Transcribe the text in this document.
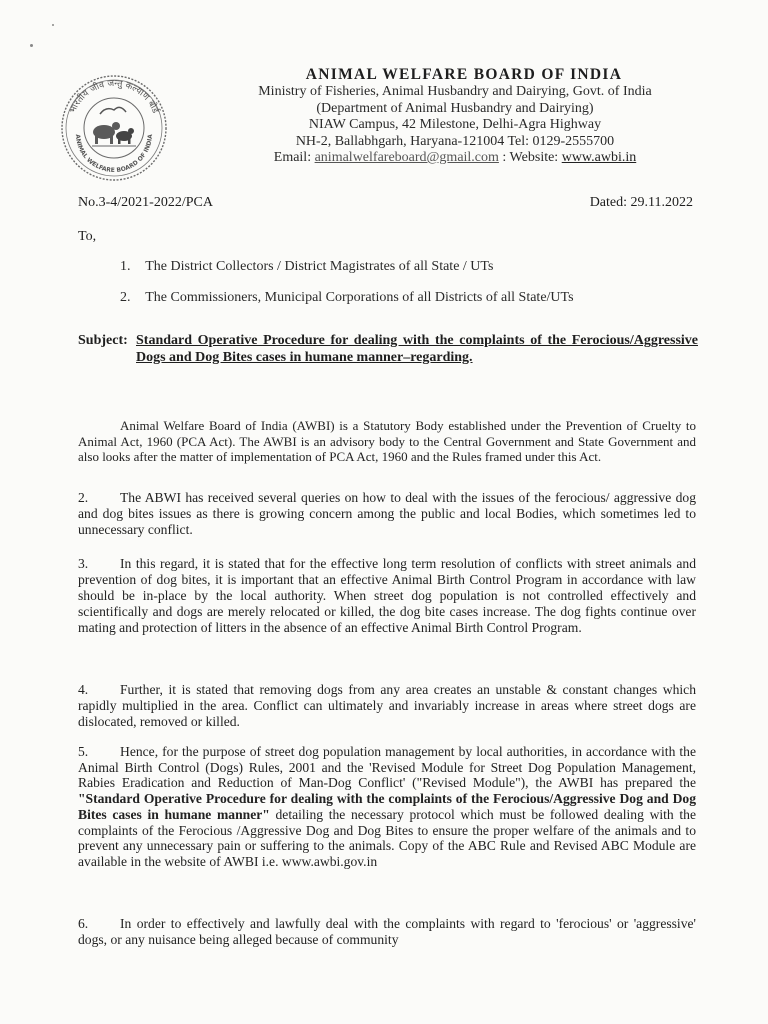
भारतीय जीव जन्तु कल्याण बोर्ड
ANIMAL WELFARE BOARD OF INDIA
ANIMAL WELFARE BOARD OF INDIA
Ministry of Fisheries, Animal Husbandry and Dairying, Govt. of India
(Department of Animal Husbandry and Dairying)
NIAW Campus, 42 Milestone, Delhi-Agra Highway
NH-2, Ballabhgarh, Haryana-121004 Tel: 0129-2555700
Email: animalwelfareboard@gmail.com : Website: www.awbi.in
No.3-4/2021-2022/PCA	Dated: 29.11.2022
To,
1. The District Collectors / District Magistrates of all State / UTs
2. The Commissioners, Municipal Corporations of all Districts of all State/UTs
Subject: Standard Operative Procedure for dealing with the complaints of the Ferocious/Aggressive Dogs and Dog Bites cases in humane manner–regarding.
Animal Welfare Board of India (AWBI) is a Statutory Body established under the Prevention of Cruelty to Animal Act, 1960 (PCA Act). The AWBI is an advisory body to the Central Government and State Government and also looks after the matter of implementation of PCA Act, 1960 and the Rules framed under this Act.
2. The ABWI has received several queries on how to deal with the issues of the ferocious/ aggressive dog and dog bites issues as there is growing concern among the public and local Bodies, which sometimes led to unnecessary conflict.
3. In this regard, it is stated that for the effective long term resolution of conflicts with street animals and prevention of dog bites, it is important that an effective Animal Birth Control Program in accordance with law should be in-place by the local authority. When street dog population is not controlled effectively and scientifically and dogs are merely relocated or killed, the dog bite cases increase. The dog fights continue over mating and protection of litters in the absence of an effective Animal Birth Control Program.
4. Further, it is stated that removing dogs from any area creates an unstable & constant changes which rapidly multiplied in the area. Conflict can ultimately and invariably increase in areas where street dogs are dislocated, removed or killed.
5. Hence, for the purpose of street dog population management by local authorities, in accordance with the Animal Birth Control (Dogs) Rules, 2001 and the 'Revised Module for Street Dog Population Management, Rabies Eradication and Reduction of Man-Dog Conflict' ("Revised Module"), the AWBI has prepared the "Standard Operative Procedure for dealing with the complaints of the Ferocious/Aggressive Dog and Dog Bites cases in humane manner" detailing the necessary protocol which must be followed dealing with the complaints of the Ferocious /Aggressive Dog and Dog Bites to ensure the proper welfare of the animals and to prevent any unnecessary pain or suffering to the animals. Copy of the ABC Rule and Revised ABC Module are available in the website of AWBI i.e. www.awbi.gov.in
6. In order to effectively and lawfully deal with the complaints with regard to 'ferocious' or 'aggressive' dogs, or any nuisance being alleged because of community
